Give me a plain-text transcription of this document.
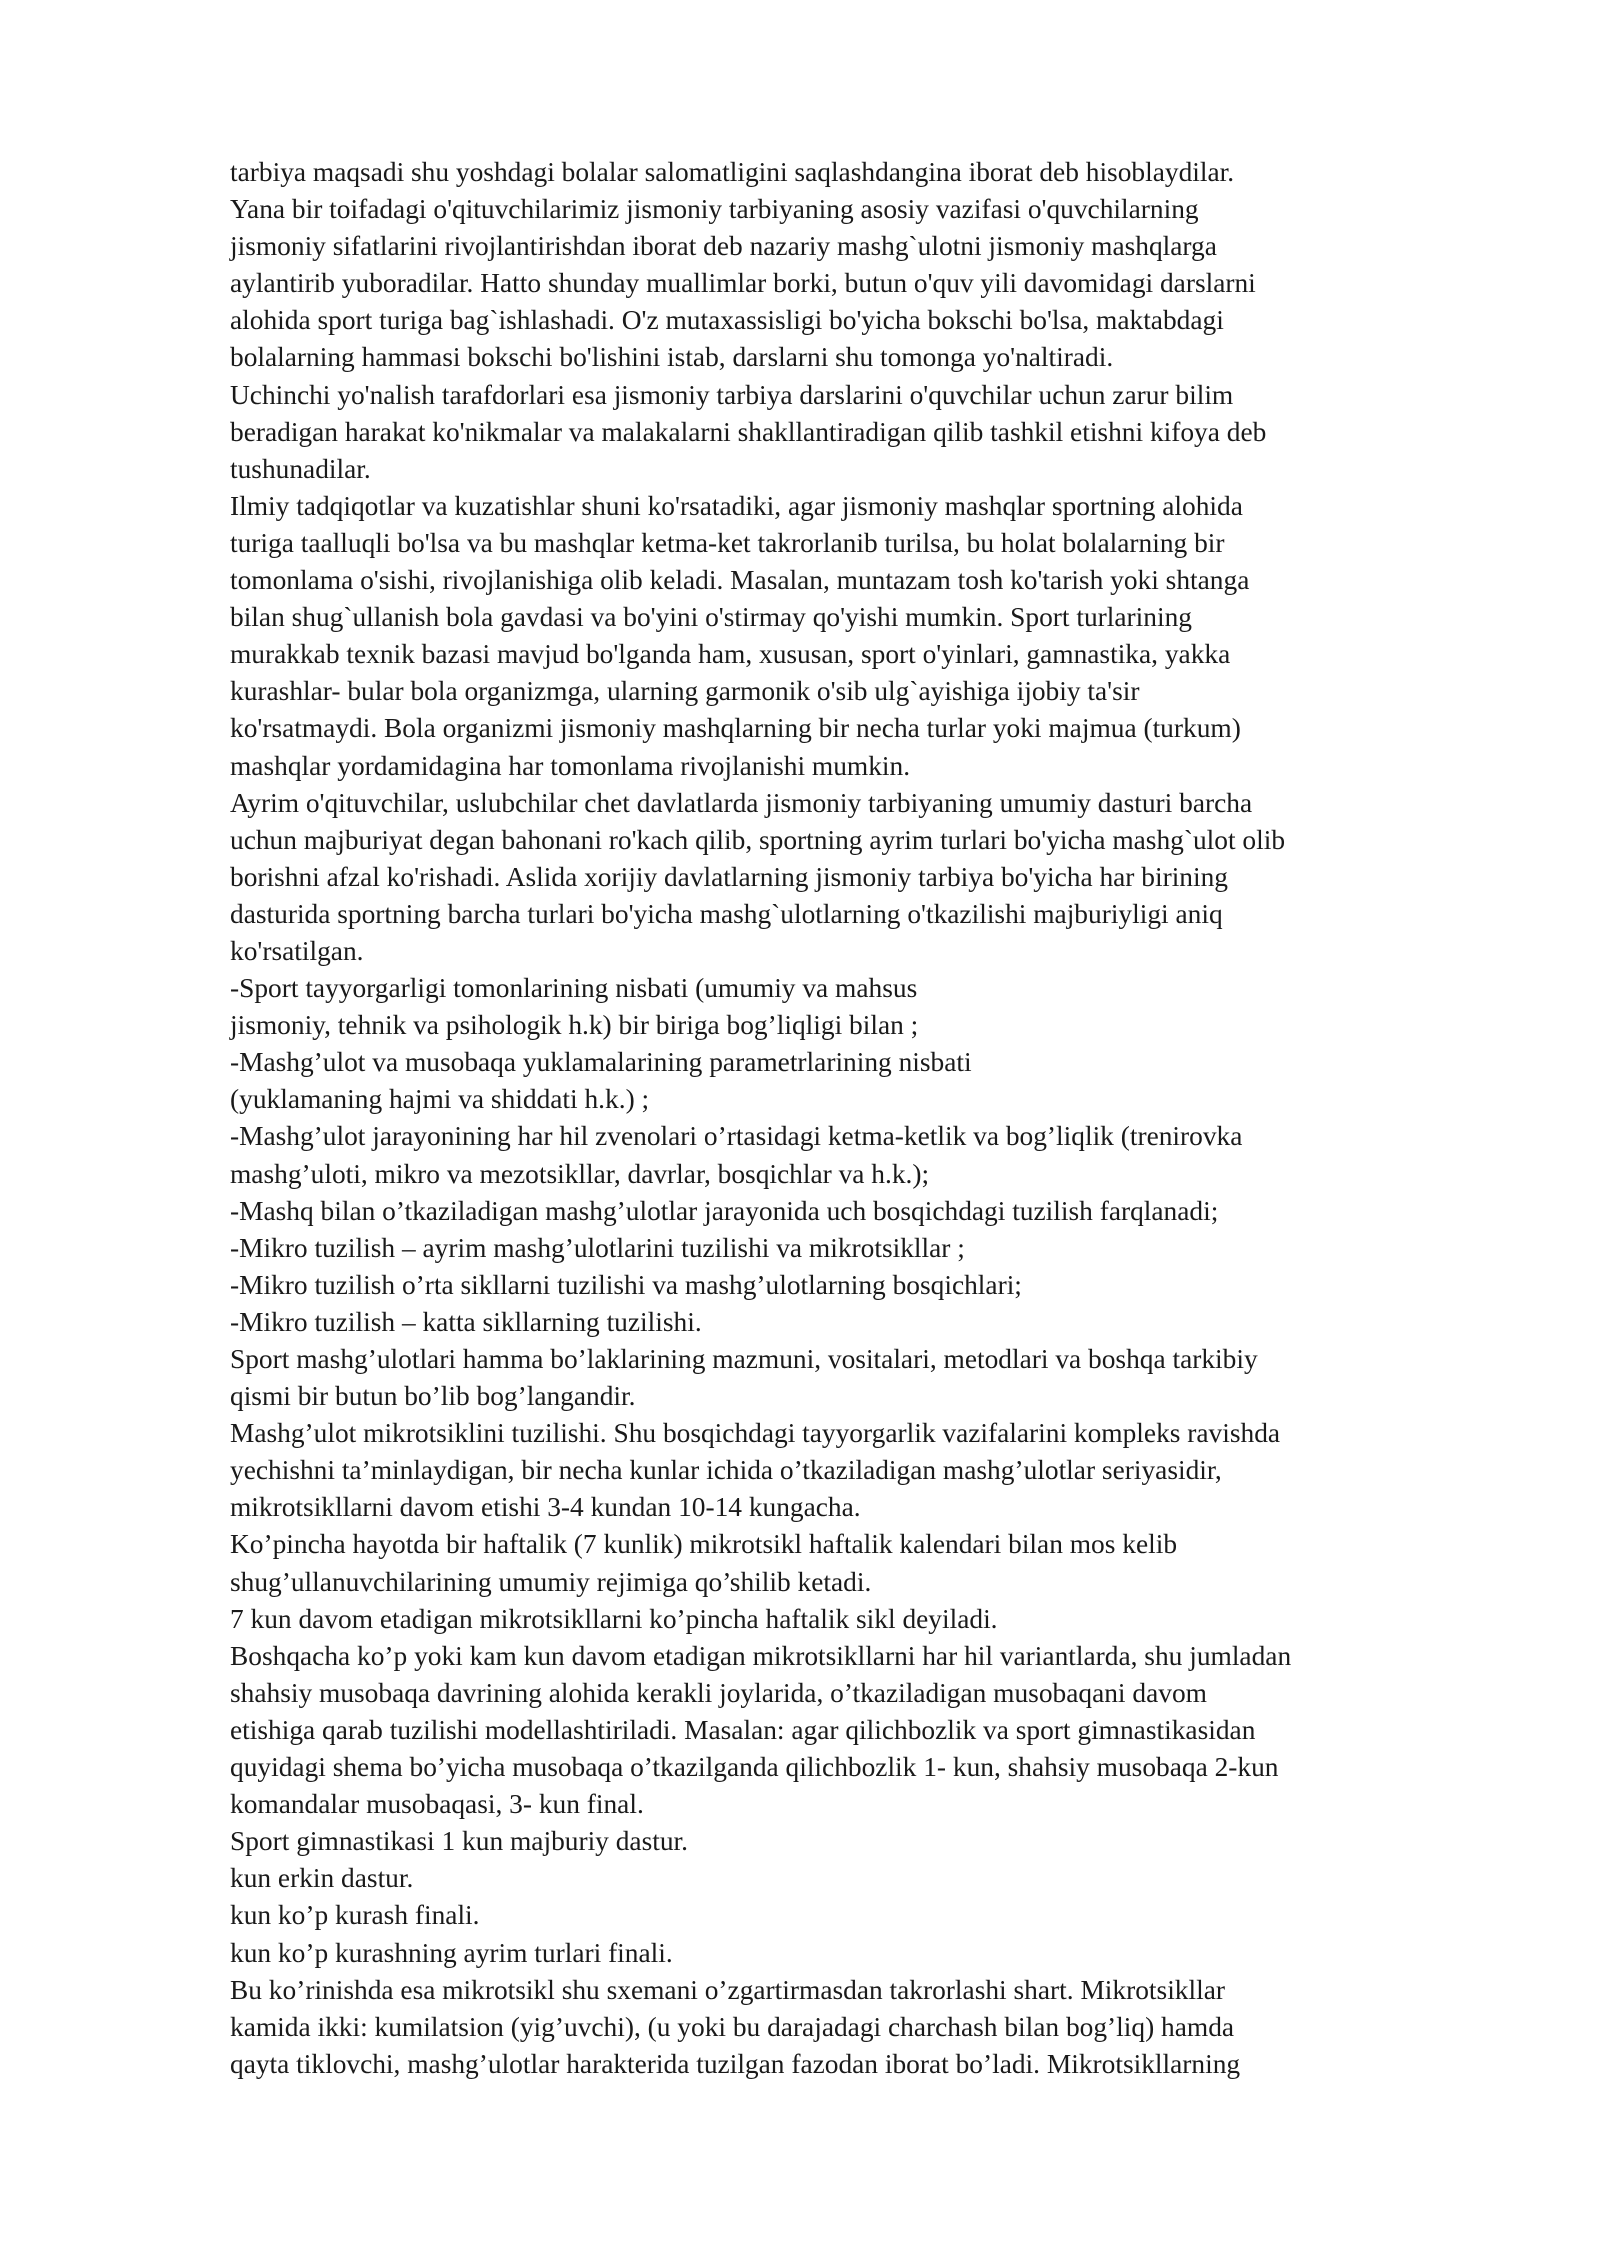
tarbiya maqsadi shu yoshdagi bolalar salomatligini saqlashdangina iborat deb hisoblaydilar.
Yana bir toifadagi o'qituvchilarimiz jismoniy tarbiyaning asosiy vazifasi o'quvchilarning
jismoniy sifatlarini rivojlantirishdan iborat deb nazariy mashg`ulotni jismoniy mashqlarga
aylantirib yuboradilar. Hatto shunday muallimlar borki, butun o'quv yili davomidagi darslarni
alohida sport turiga bag`ishlashadi. O'z mutaxassisligi bo'yicha bokschi bo'lsa, maktabdagi
bolalarning hammasi bokschi bo'lishini istab, darslarni shu tomonga yo'naltiradi.
Uchinchi yo'nalish tarafdorlari esa jismoniy tarbiya darslarini o'quvchilar uchun zarur bilim
beradigan harakat ko'nikmalar va malakalarni shakllantiradigan qilib tashkil etishni kifoya deb
tushunadilar.
Ilmiy tadqiqotlar va kuzatishlar shuni ko'rsatadiki, agar jismoniy mashqlar sportning alohida
turiga taalluqli bo'lsa va bu mashqlar ketma-ket takrorlanib turilsa, bu holat bolalarning bir
tomonlama o'sishi, rivojlanishiga olib keladi. Masalan, muntazam tosh ko'tarish yoki shtanga
bilan shug`ullanish bola gavdasi va bo'yini o'stirmay qo'yishi mumkin. Sport turlarining
murakkab texnik bazasi mavjud bo'lganda ham, xususan, sport o'yinlari, gamnastika, yakka
kurashlar- bular bola organizmga, ularning garmonik o'sib ulg`ayishiga ijobiy ta'sir
ko'rsatmaydi. Bola organizmi jismoniy mashqlarning bir necha turlar yoki majmua (turkum)
mashqlar yordamidagina har tomonlama rivojlanishi mumkin.
Ayrim o'qituvchilar, uslubchilar chet davlatlarda jismoniy tarbiyaning umumiy dasturi barcha
uchun majburiyat degan bahonani ro'kach qilib, sportning ayrim turlari bo'yicha mashg`ulot olib
borishni afzal ko'rishadi. Aslida xorijiy davlatlarning jismoniy tarbiya bo'yicha har birining
dasturida sportning barcha turlari bo'yicha mashg`ulotlarning o'tkazilishi majburiyligi aniq
ko'rsatilgan.
-Sport tayyorgarligi tomonlarining nisbati (umumiy va mahsus
jismoniy, tehnik va psihologik h.k) bir biriga bog’liqligi bilan ;
-Mashg’ulot va musobaqa yuklamalarining parametrlarining nisbati
(yuklamaning hajmi va shiddati h.k.) ;
-Mashg’ulot jarayonining har hil zvenolari o’rtasidagi ketma-ketlik va bog’liqlik (trenirovka
mashg’uloti, mikro va mezotsikllar, davrlar, bosqichlar va h.k.);
-Mashq bilan o’tkaziladigan mashg’ulotlar jarayonida uch bosqichdagi tuzilish farqlanadi;
-Mikro tuzilish – ayrim mashg’ulotlarini tuzilishi va mikrotsikllar ;
-Mikro tuzilish o’rta sikllarni tuzilishi va mashg’ulotlarning bosqichlari;
-Mikro tuzilish – katta sikllarning tuzilishi.
Sport mashg’ulotlari hamma bo’laklarining mazmuni, vositalari, metodlari va boshqa tarkibiy
qismi bir butun bo’lib bog’langandir.
Mashg’ulot mikrotsiklini tuzilishi. Shu bosqichdagi tayyorgarlik vazifalarini kompleks ravishda
yechishni ta’minlaydigan, bir necha kunlar ichida o’tkaziladigan mashg’ulotlar seriyasidir,
mikrotsikllarni davom etishi 3-4 kundan 10-14 kungacha.
Ko’pincha hayotda bir haftalik (7 kunlik) mikrotsikl haftalik kalendari bilan mos kelib
shug’ullanuvchilarining umumiy rejimiga qo’shilib ketadi.
7 kun davom etadigan mikrotsikllarni ko’pincha haftalik sikl deyiladi.
Boshqacha ko’p yoki kam kun davom etadigan mikrotsikllarni har hil variantlarda, shu jumladan
shahsiy musobaqa davrining alohida kerakli joylarida, o’tkaziladigan musobaqani davom
etishiga qarab tuzilishi modellashtiriladi. Masalan: agar qilichbozlik va sport gimnastikasidan
quyidagi shema bo’yicha musobaqa o’tkazilganda qilichbozlik 1- kun, shahsiy musobaqa 2-kun
komandalar musobaqasi, 3- kun final.
Sport gimnastikasi 1 kun majburiy dastur.
kun erkin dastur.
kun ko’p kurash finali.
kun ko’p kurashning ayrim turlari finali.
Bu ko’rinishda esa mikrotsikl shu sxemani o’zgartirmasdan takrorlashi shart. Mikrotsikllar
kamida ikki: kumilatsion (yig’uvchi), (u yoki bu darajadagi charchash bilan bog’liq) hamda
qayta tiklovchi, mashg’ulotlar harakterida tuzilgan fazodan iborat bo’ladi. Mikrotsikllarning
